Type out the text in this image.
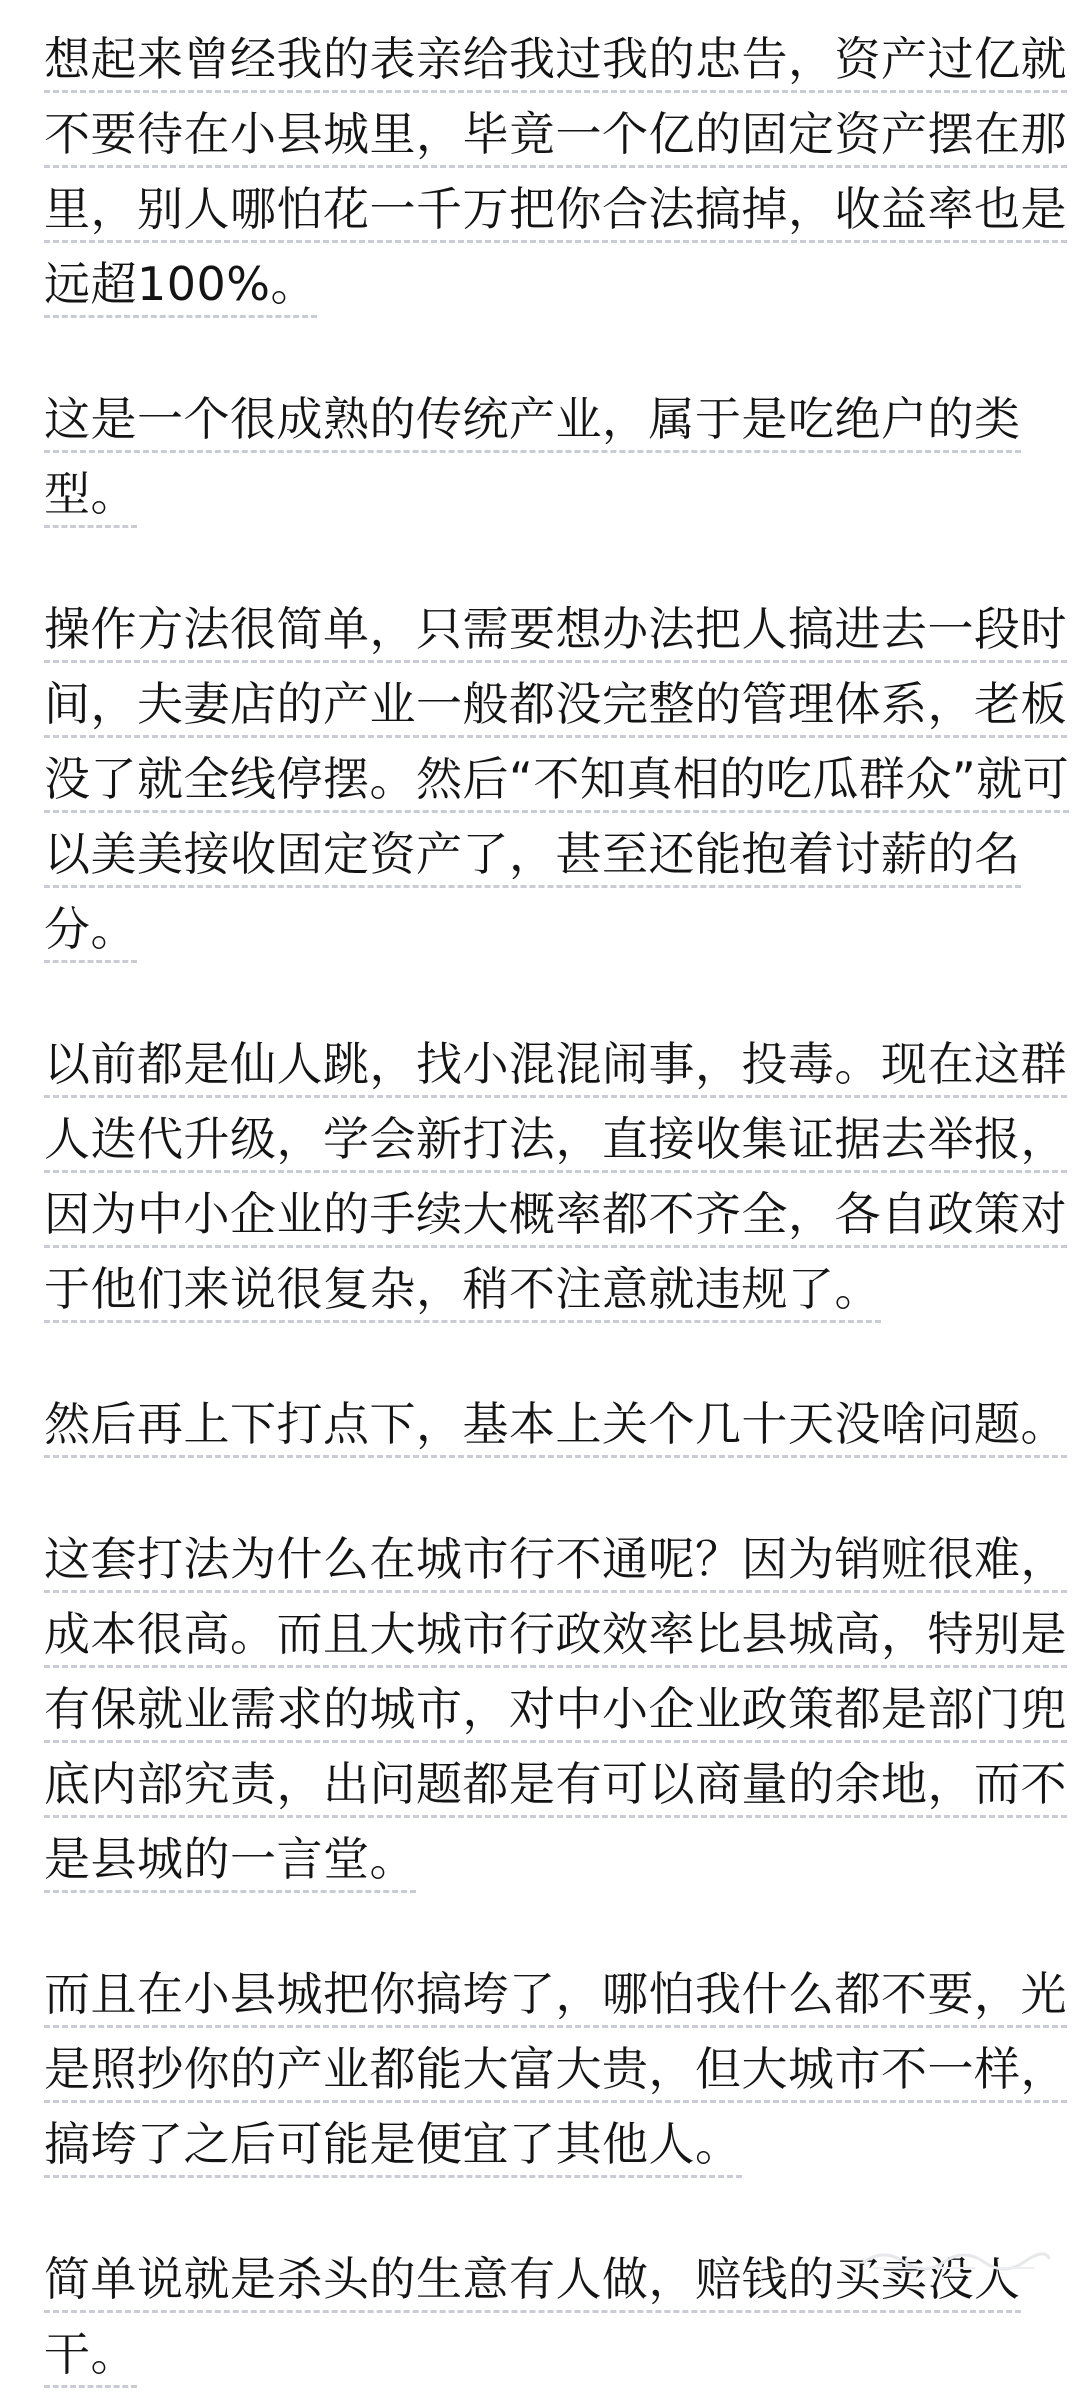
想起来曾经我的表亲给我过我的忠告，资产过亿就
不要待在小县城里，毕竟一个亿的固定资产摆在那
里，别人哪怕花一千万把你合法搞掉，收益率也是
远超100%。
这是一个很成熟的传统产业，属于是吃绝户的类
型。
操作方法很简单，只需要想办法把人搞进去一段时
间，夫妻店的产业一般都没完整的管理体系，老板
没了就全线停摆。然后“不知真相的吃瓜群众”就可
以美美接收固定资产了，甚至还能抱着讨薪的名
分。
以前都是仙人跳，找小混混闹事，投毒。现在这群
人迭代升级，学会新打法，直接收集证据去举报，
因为中小企业的手续大概率都不齐全，各自政策对
于他们来说很复杂，稍不注意就违规了。
然后再上下打点下，基本上关个几十天没啥问题。
这套打法为什么在城市行不通呢？因为销赃很难，
成本很高。而且大城市行政效率比县城高，特别是
有保就业需求的城市，对中小企业政策都是部门兜
底内部究责，出问题都是有可以商量的余地，而不
是县城的一言堂。
而且在小县城把你搞垮了，哪怕我什么都不要，光
是照抄你的产业都能大富大贵，但大城市不一样，
搞垮了之后可能是便宜了其他人。
简单说就是杀头的生意有人做，赔钱的买卖没人
干。
